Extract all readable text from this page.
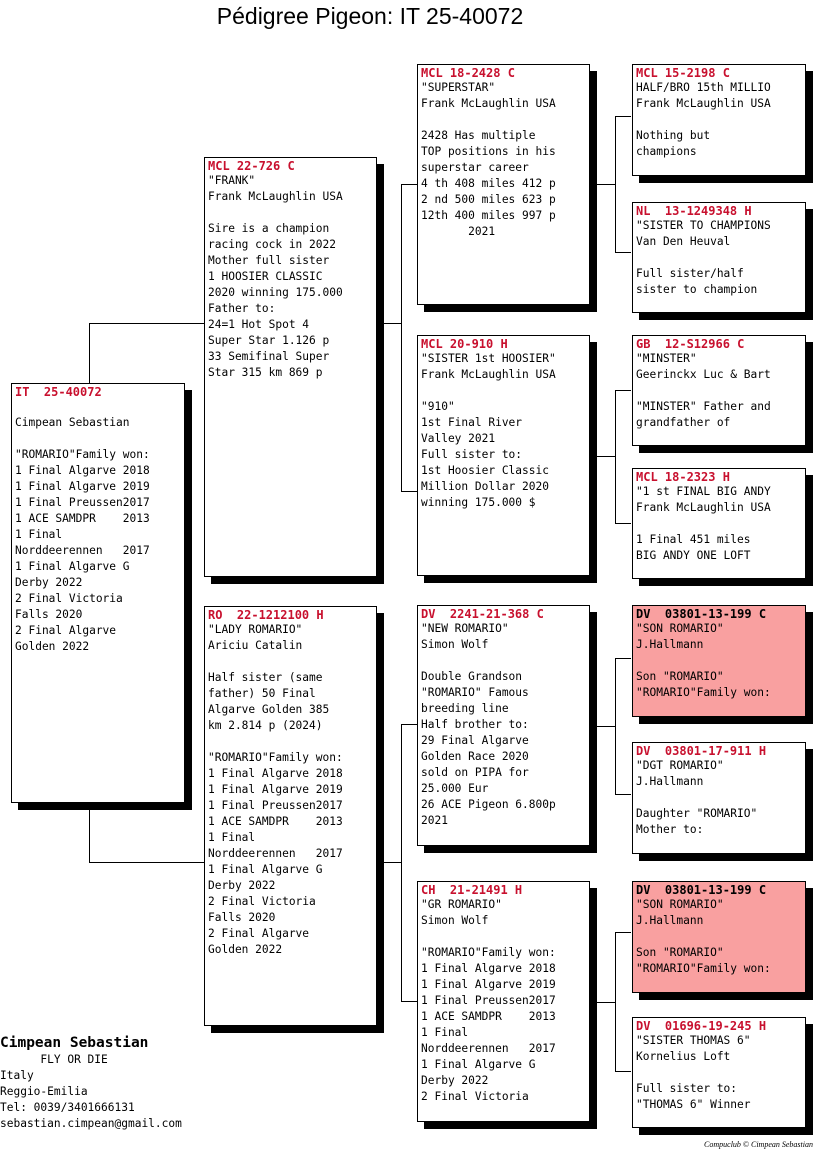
Pédigree Pigeon: IT 25-40072
IT  25-40072

Cimpean Sebastian

"ROMARIO"Family won:
1 Final Algarve 2018
1 Final Algarve 2019
1 Final Preussen2017
1 ACE SAMDPR    2013
1 Final
Norddeerennen   2017
1 Final Algarve G
Derby 2022
2 Final Victoria
Falls 2020
2 Final Algarve
Golden 2022
MCL 22-726 C
"FRANK"
Frank McLaughlin USA

Sire is a champion
racing cock in 2022
Mother full sister
1 HOOSIER CLASSIC
2020 winning 175.000
Father to:
24=1 Hot Spot 4
Super Star 1.126 p
33 Semifinal Super
Star 315 km 869 p
RO  22-1212100 H
"LADY ROMARIO"
Ariciu Catalin

Half sister (same
father) 50 Final
Algarve Golden 385
km 2.814 p (2024)

"ROMARIO"Family won:
1 Final Algarve 2018
1 Final Algarve 2019
1 Final Preussen2017
1 ACE SAMDPR    2013
1 Final
Norddeerennen   2017
1 Final Algarve G
Derby 2022
2 Final Victoria
Falls 2020
2 Final Algarve
Golden 2022
MCL 18-2428 C
"SUPERSTAR"
Frank McLaughlin USA

2428 Has multiple
TOP positions in his
superstar career
4 th 408 miles 412 p
2 nd 500 miles 623 p
12th 400 miles 997 p
2021
MCL 20-910 H
"SISTER 1st HOOSIER"
Frank McLaughlin USA

"910"
1st Final River
Valley 2021
Full sister to:
1st Hoosier Classic
Million Dollar 2020
winning 175.000 $
DV  2241-21-368 C
"NEW ROMARIO"
Simon Wolf

Double Grandson
"ROMARIO" Famous
breeding line
Half brother to:
29 Final Algarve
Golden Race 2020
sold on PIPA for
25.000 Eur
26 ACE Pigeon 6.800p
2021
CH  21-21491 H
"GR ROMARIO"
Simon Wolf

"ROMARIO"Family won:
1 Final Algarve 2018
1 Final Algarve 2019
1 Final Preussen2017
1 ACE SAMDPR    2013
1 Final
Norddeerennen   2017
1 Final Algarve G
Derby 2022
2 Final Victoria
MCL 15-2198 C
HALF/BRO 15th MILLIO
Frank McLaughlin USA

Nothing but
champions
NL  13-1249348 H
"SISTER TO CHAMPIONS
Van Den Heuval

Full sister/half
sister to champion
GB  12-S12966 C
"MINSTER"
Geerinckx Luc & Bart

"MINSTER" Father and
grandfather of
MCL 18-2323 H
"1 st FINAL BIG ANDY
Frank McLaughlin USA

1 Final 451 miles
BIG ANDY ONE LOFT
DV  03801-13-199 C
"SON ROMARIO"
J.Hallmann

Son "ROMARIO"
"ROMARIO"Family won:
DV  03801-17-911 H
"DGT ROMARIO"
J.Hallmann

Daughter "ROMARIO"
Mother to:
DV  03801-13-199 C
"SON ROMARIO"
J.Hallmann

Son "ROMARIO"
"ROMARIO"Family won:
DV  01696-19-245 H
"SISTER THOMAS 6"
Kornelius Loft

Full sister to:
"THOMAS 6" Winner
Cimpean Sebastian
FLY OR DIE
Italy
Reggio-Emilia
Tel: 0039/3401666131
sebastian.cimpean@gmail.com
Compuclub © Cimpean Sebastian
